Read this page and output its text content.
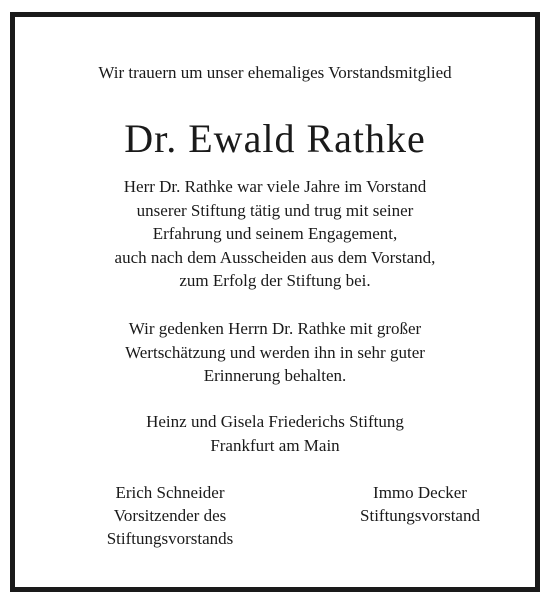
Wir trauern um unser ehemaliges Vorstandsmitglied
Dr. Ewald Rathke
Herr Dr. Rathke war viele Jahre im Vorstand
unserer Stiftung tätig und trug mit seiner
Erfahrung und seinem Engagement,
auch nach dem Ausscheiden aus dem Vorstand,
zum Erfolg der Stiftung bei.
Wir gedenken Herrn Dr. Rathke mit großer
Wertschätzung und werden ihn in sehr guter
Erinnerung behalten.
Heinz und Gisela Friederichs Stiftung
Frankfurt am Main
Erich Schneider
Vorsitzender des
Stiftungsvorstands
Immo Decker
Stiftungsvorstand
